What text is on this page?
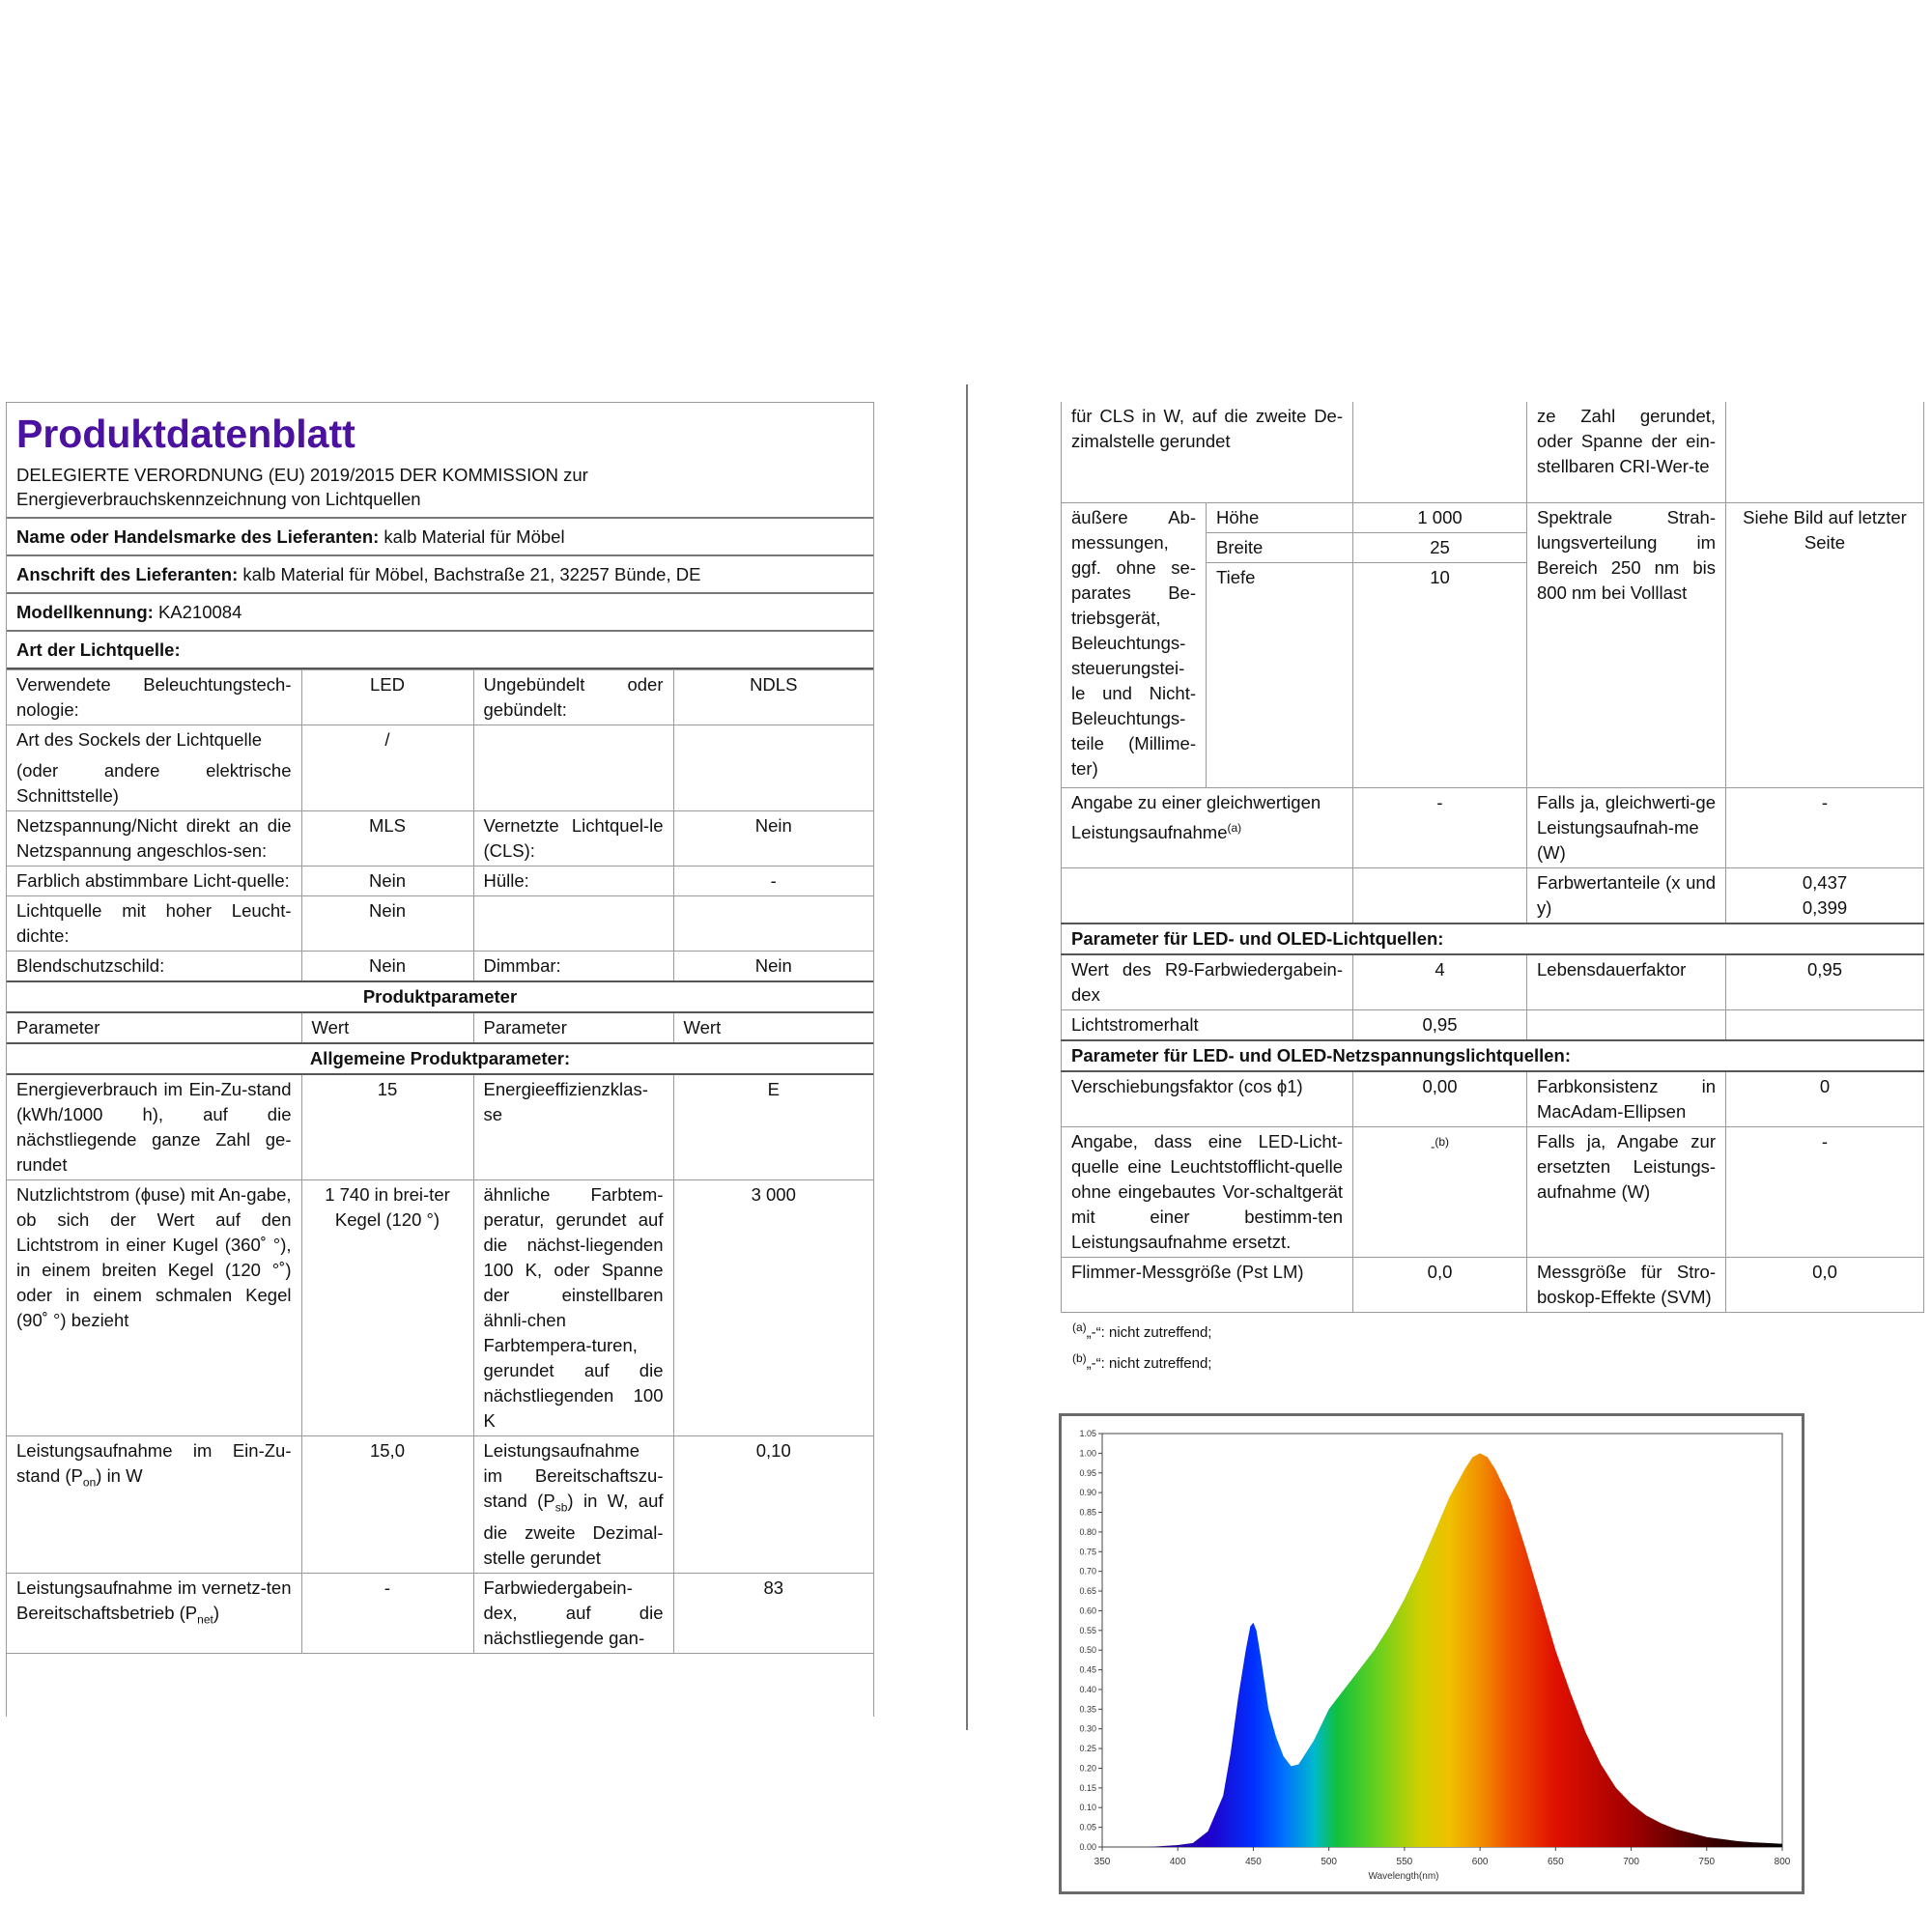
Produktdatenblatt
DELEGIERTE VERORDNUNG (EU) 2019/2015 DER KOMMISSION zur
Energieverbrauchskennzeichnung von Lichtquellen
Name oder Handelsmarke des Lieferanten: kalb Material für Möbel
Anschrift des Lieferanten: kalb Material für Möbel, Bachstraße 21, 32257 Bünde, DE
Modellkennung: KA210084
Art der Lichtquelle:
Verwendete Beleuchtungstech-nologie:	LED	Ungebündelt oder gebündelt:	NDLS

Art des Sockels der Lichtquelle
(oder andere elektrische Schnittstelle)	/		
Netzspannung/Nicht direkt an die Netzspannung angeschlos-sen:	MLS	Vernetzte Lichtquel-le (CLS):	Nein
Farblich abstimmbare Licht-quelle:	Nein	Hülle:	-
Lichtquelle mit hoher Leucht-dichte:	Nein		
Blendschutzschild:	Nein	Dimmbar:	Nein
Produktparameter			
Parameter	Wert	Parameter	Wert
Allgemeine Produktparameter:			
Energieverbrauch im Ein-Zu-stand (kWh/1000 h), auf die nächstliegende ganze Zahl ge-rundet	15	Energieeffizienzklas-se	E
Nutzlichtstrom (ϕuse) mit An-gabe, ob sich der Wert auf den Lichtstrom in einer Kugel (360˚ °), in einem breiten Kegel (120 °˚) oder in einem schmalen Kegel (90˚ °) bezieht	1 740 in brei-ter Kegel (120 °)	ähnliche Farbtem-peratur, gerundet auf die nächst-liegenden 100 K, oder Spanne der einstellbaren ähnli-chen Farbtempera-turen, gerundet auf die nächstliegenden 100 K	3 000
Leistungsaufnahme im Ein-Zu-stand $(P_{on})$ in W	15,0	Leistungsaufnahme im Bereitschaftszu-stand $(P_{sb})$ in W, auf die zweite Dezimal-stelle gerundet	0,10
Leistungsaufnahme im vernetz-ten Bereitschaftsbetrieb $(P_{net})$	-	Farbwiedergabein-dex, auf die nächstliegende gan-	83
für CLS in W, auf die zweite De-zimalstelle gerundet			ze Zahl gerundet, oder Spanne der ein-stellbaren CRI-Wer-te	
äußere Ab-messungen, ggf. ohne se-parates Be-triebsgerät, Beleuchtungs-steuerungstei-le und Nicht-Beleuchtungs-teile (Millime-ter)	Höhe	1 000	Spektrale Strah-lungsverteilung im Bereich 250 nm bis 800 nm bei Volllast	Siehe Bild auf letzter Seite
	Breite	25		
	Tiefe	10		
Angabe zu einer gleichwertigen Leistungsaufnahme$^{(a)}$		-	Falls ja, gleichwerti-ge Leistungsaufnah-me (W)	-
			Farbwertanteile (x und y)	0,437
0,399

Parameter für LED- und OLED-Lichtquellen:				
Wert des R9-Farbwiedergabein-dex		4	Lebensdauerfaktor	0,95
Lichtstromerhalt		0,95		
Parameter für LED- und OLED-Netzspannungslichtquellen:				
Verschiebungsfaktor (cos ϕ1)		0,00	Farbkonsistenz in MacAdam-Ellipsen	0
Angabe, dass eine LED-Licht-quelle eine Leuchtstofflicht-quelle ohne eingebautes Vor-schaltgerät mit einer bestimm-ten Leistungsaufnahme ersetzt.		-$^{(b)}$	Falls ja, Angabe zur ersetzten Leistungs-aufnahme (W)	-
Flimmer-Messgröße (Pst LM)		0,0	Messgröße für Stro-boskop-Effekte (SVM)	0,0
$^{(a)}$„-“: nicht zutreffend;
$^{(b)}$„-“: nicht zutreffend;
0.00
0.05
0.10
0.15
0.20
0.25
0.30
0.35
0.40
0.45
0.50
0.55
0.60
0.65
0.70
0.75
0.80
0.85
0.90
0.95
1.00
1.05
350	400	450	500	550	600	650	700	750	800
Wavelength(nm)
